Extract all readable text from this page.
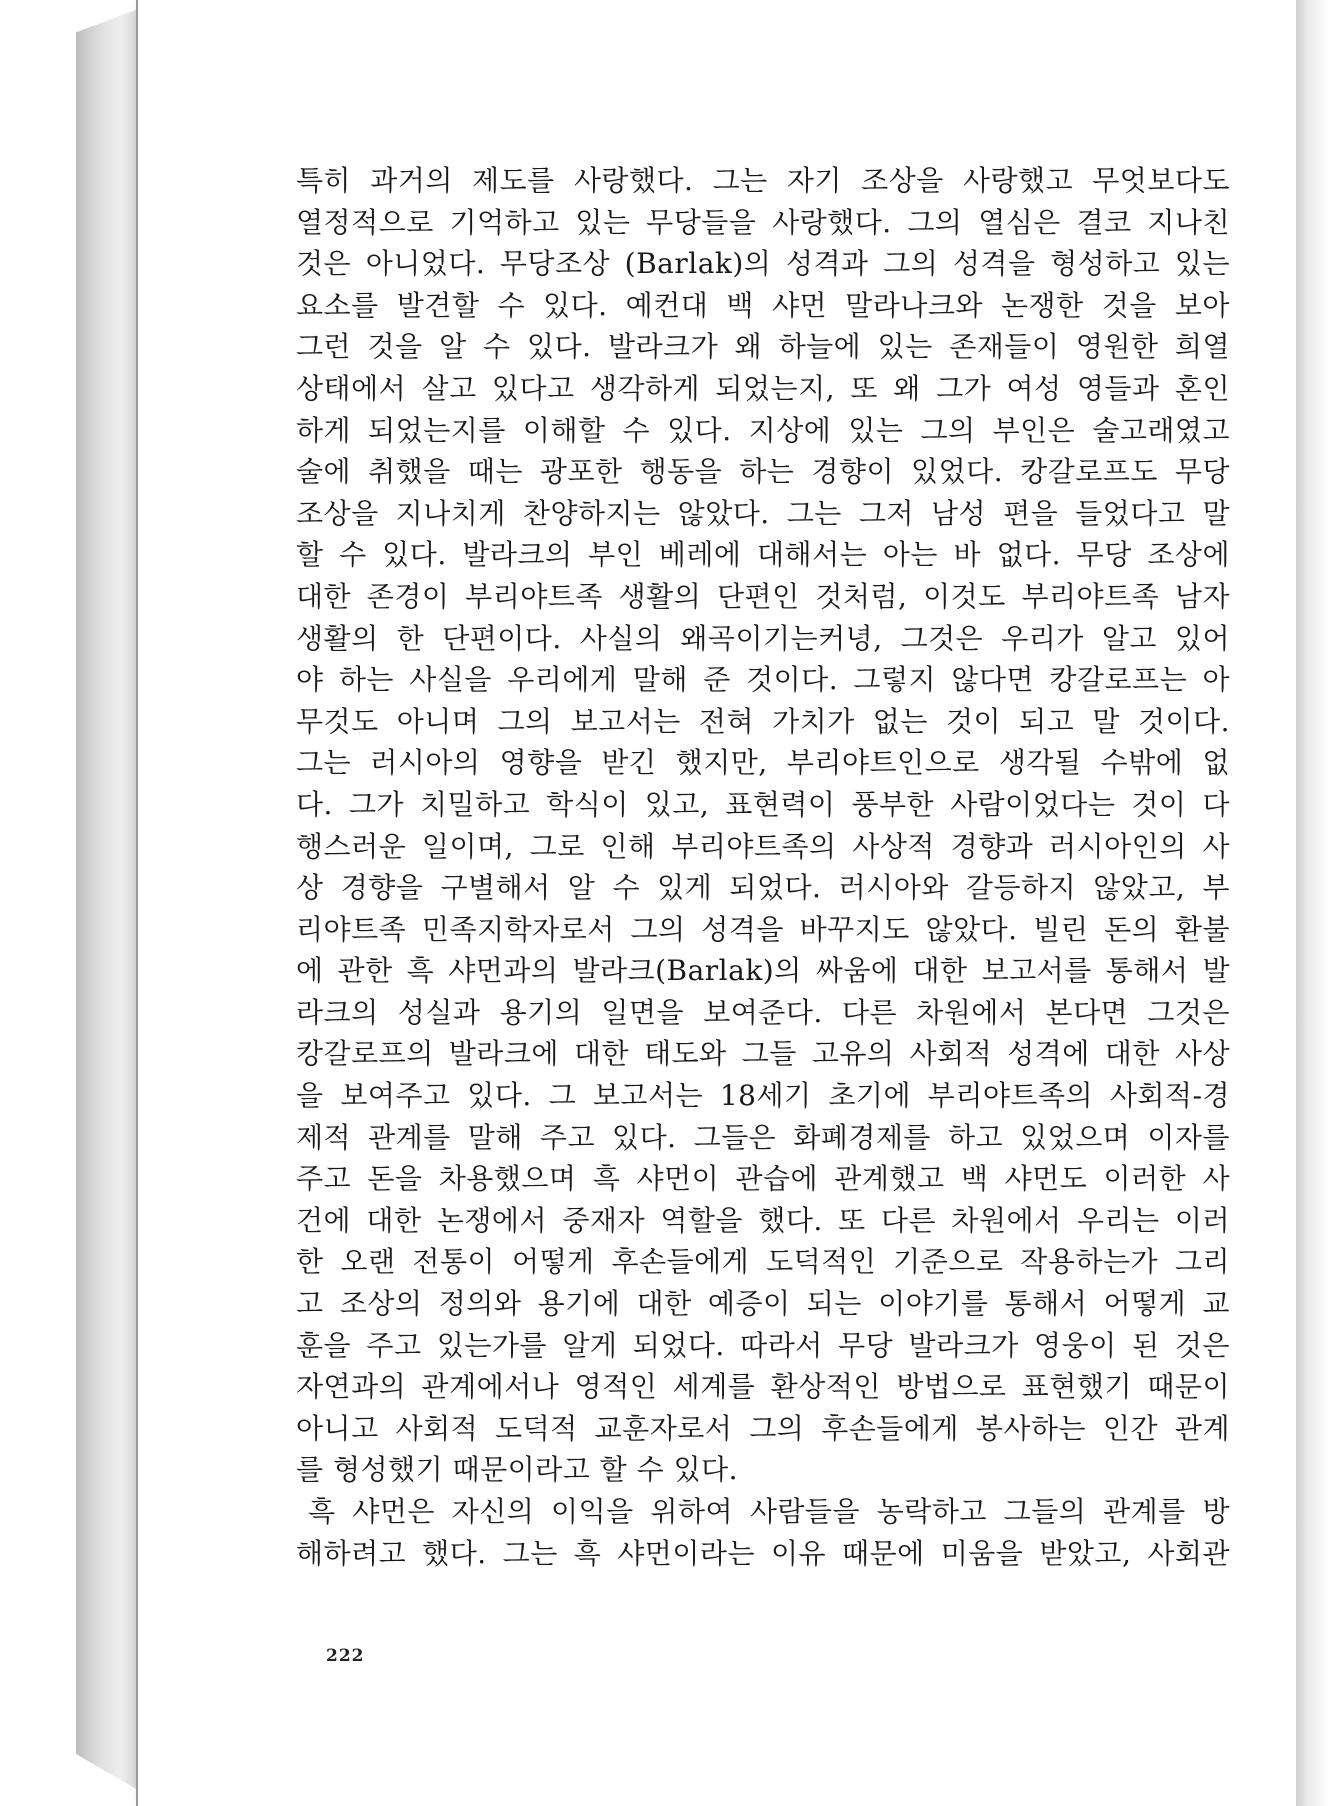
특히 과거의 제도를 사랑했다. 그는 자기 조상을 사랑했고 무엇보다도
열정적으로 기억하고 있는 무당들을 사랑했다. 그의 열심은 결코 지나친
것은 아니었다. 무당조상 (Barlak)의 성격과 그의 성격을 형성하고 있는
요소를 발견할 수 있다. 예컨대 백 샤먼 말라나크와 논쟁한 것을 보아
그런 것을 알 수 있다. 발라크가 왜 하늘에 있는 존재들이 영원한 희열
상태에서 살고 있다고 생각하게 되었는지, 또 왜 그가 여성 영들과 혼인
하게 되었는지를 이해할 수 있다. 지상에 있는 그의 부인은 술고래였고
술에 취했을 때는 광포한 행동을 하는 경향이 있었다. 캉갈로프도 무당
조상을 지나치게 찬양하지는 않았다. 그는 그저 남성 편을 들었다고 말
할 수 있다. 발라크의 부인 베레에 대해서는 아는 바 없다. 무당 조상에
대한 존경이 부리야트족 생활의 단편인 것처럼, 이것도 부리야트족 남자
생활의 한 단편이다. 사실의 왜곡이기는커녕, 그것은 우리가 알고 있어
야 하는 사실을 우리에게 말해 준 것이다. 그렇지 않다면 캉갈로프는 아
무것도 아니며 그의 보고서는 전혀 가치가 없는 것이 되고 말 것이다.
그는 러시아의 영향을 받긴 했지만, 부리야트인으로 생각될 수밖에 없
다. 그가 치밀하고 학식이 있고, 표현력이 풍부한 사람이었다는 것이 다
행스러운 일이며, 그로 인해 부리야트족의 사상적 경향과 러시아인의 사
상 경향을 구별해서 알 수 있게 되었다. 러시아와 갈등하지 않았고, 부
리야트족 민족지학자로서 그의 성격을 바꾸지도 않았다. 빌린 돈의 환불
에 관한 흑 샤먼과의 발라크(Barlak)의 싸움에 대한 보고서를 통해서 발
라크의 성실과 용기의 일면을 보여준다. 다른 차원에서 본다면 그것은
캉갈로프의 발라크에 대한 태도와 그들 고유의 사회적 성격에 대한 사상
을 보여주고 있다. 그 보고서는 18세기 초기에 부리야트족의 사회적-경
제적 관계를 말해 주고 있다. 그들은 화폐경제를 하고 있었으며 이자를
주고 돈을 차용했으며 흑 샤먼이 관습에 관계했고 백 샤먼도 이러한 사
건에 대한 논쟁에서 중재자 역할을 했다. 또 다른 차원에서 우리는 이러
한 오랜 전통이 어떻게 후손들에게 도덕적인 기준으로 작용하는가 그리
고 조상의 정의와 용기에 대한 예증이 되는 이야기를 통해서 어떻게 교
훈을 주고 있는가를 알게 되었다. 따라서 무당 발라크가 영웅이 된 것은
자연과의 관계에서나 영적인 세계를 환상적인 방법으로 표현했기 때문이
아니고 사회적 도덕적 교훈자로서 그의 후손들에게 봉사하는 인간 관계
를 형성했기 때문이라고 할 수 있다.
흑 샤먼은 자신의 이익을 위하여 사람들을 농락하고 그들의 관계를 방
해하려고 했다. 그는 흑 샤먼이라는 이유 때문에 미움을 받았고, 사회관
222
